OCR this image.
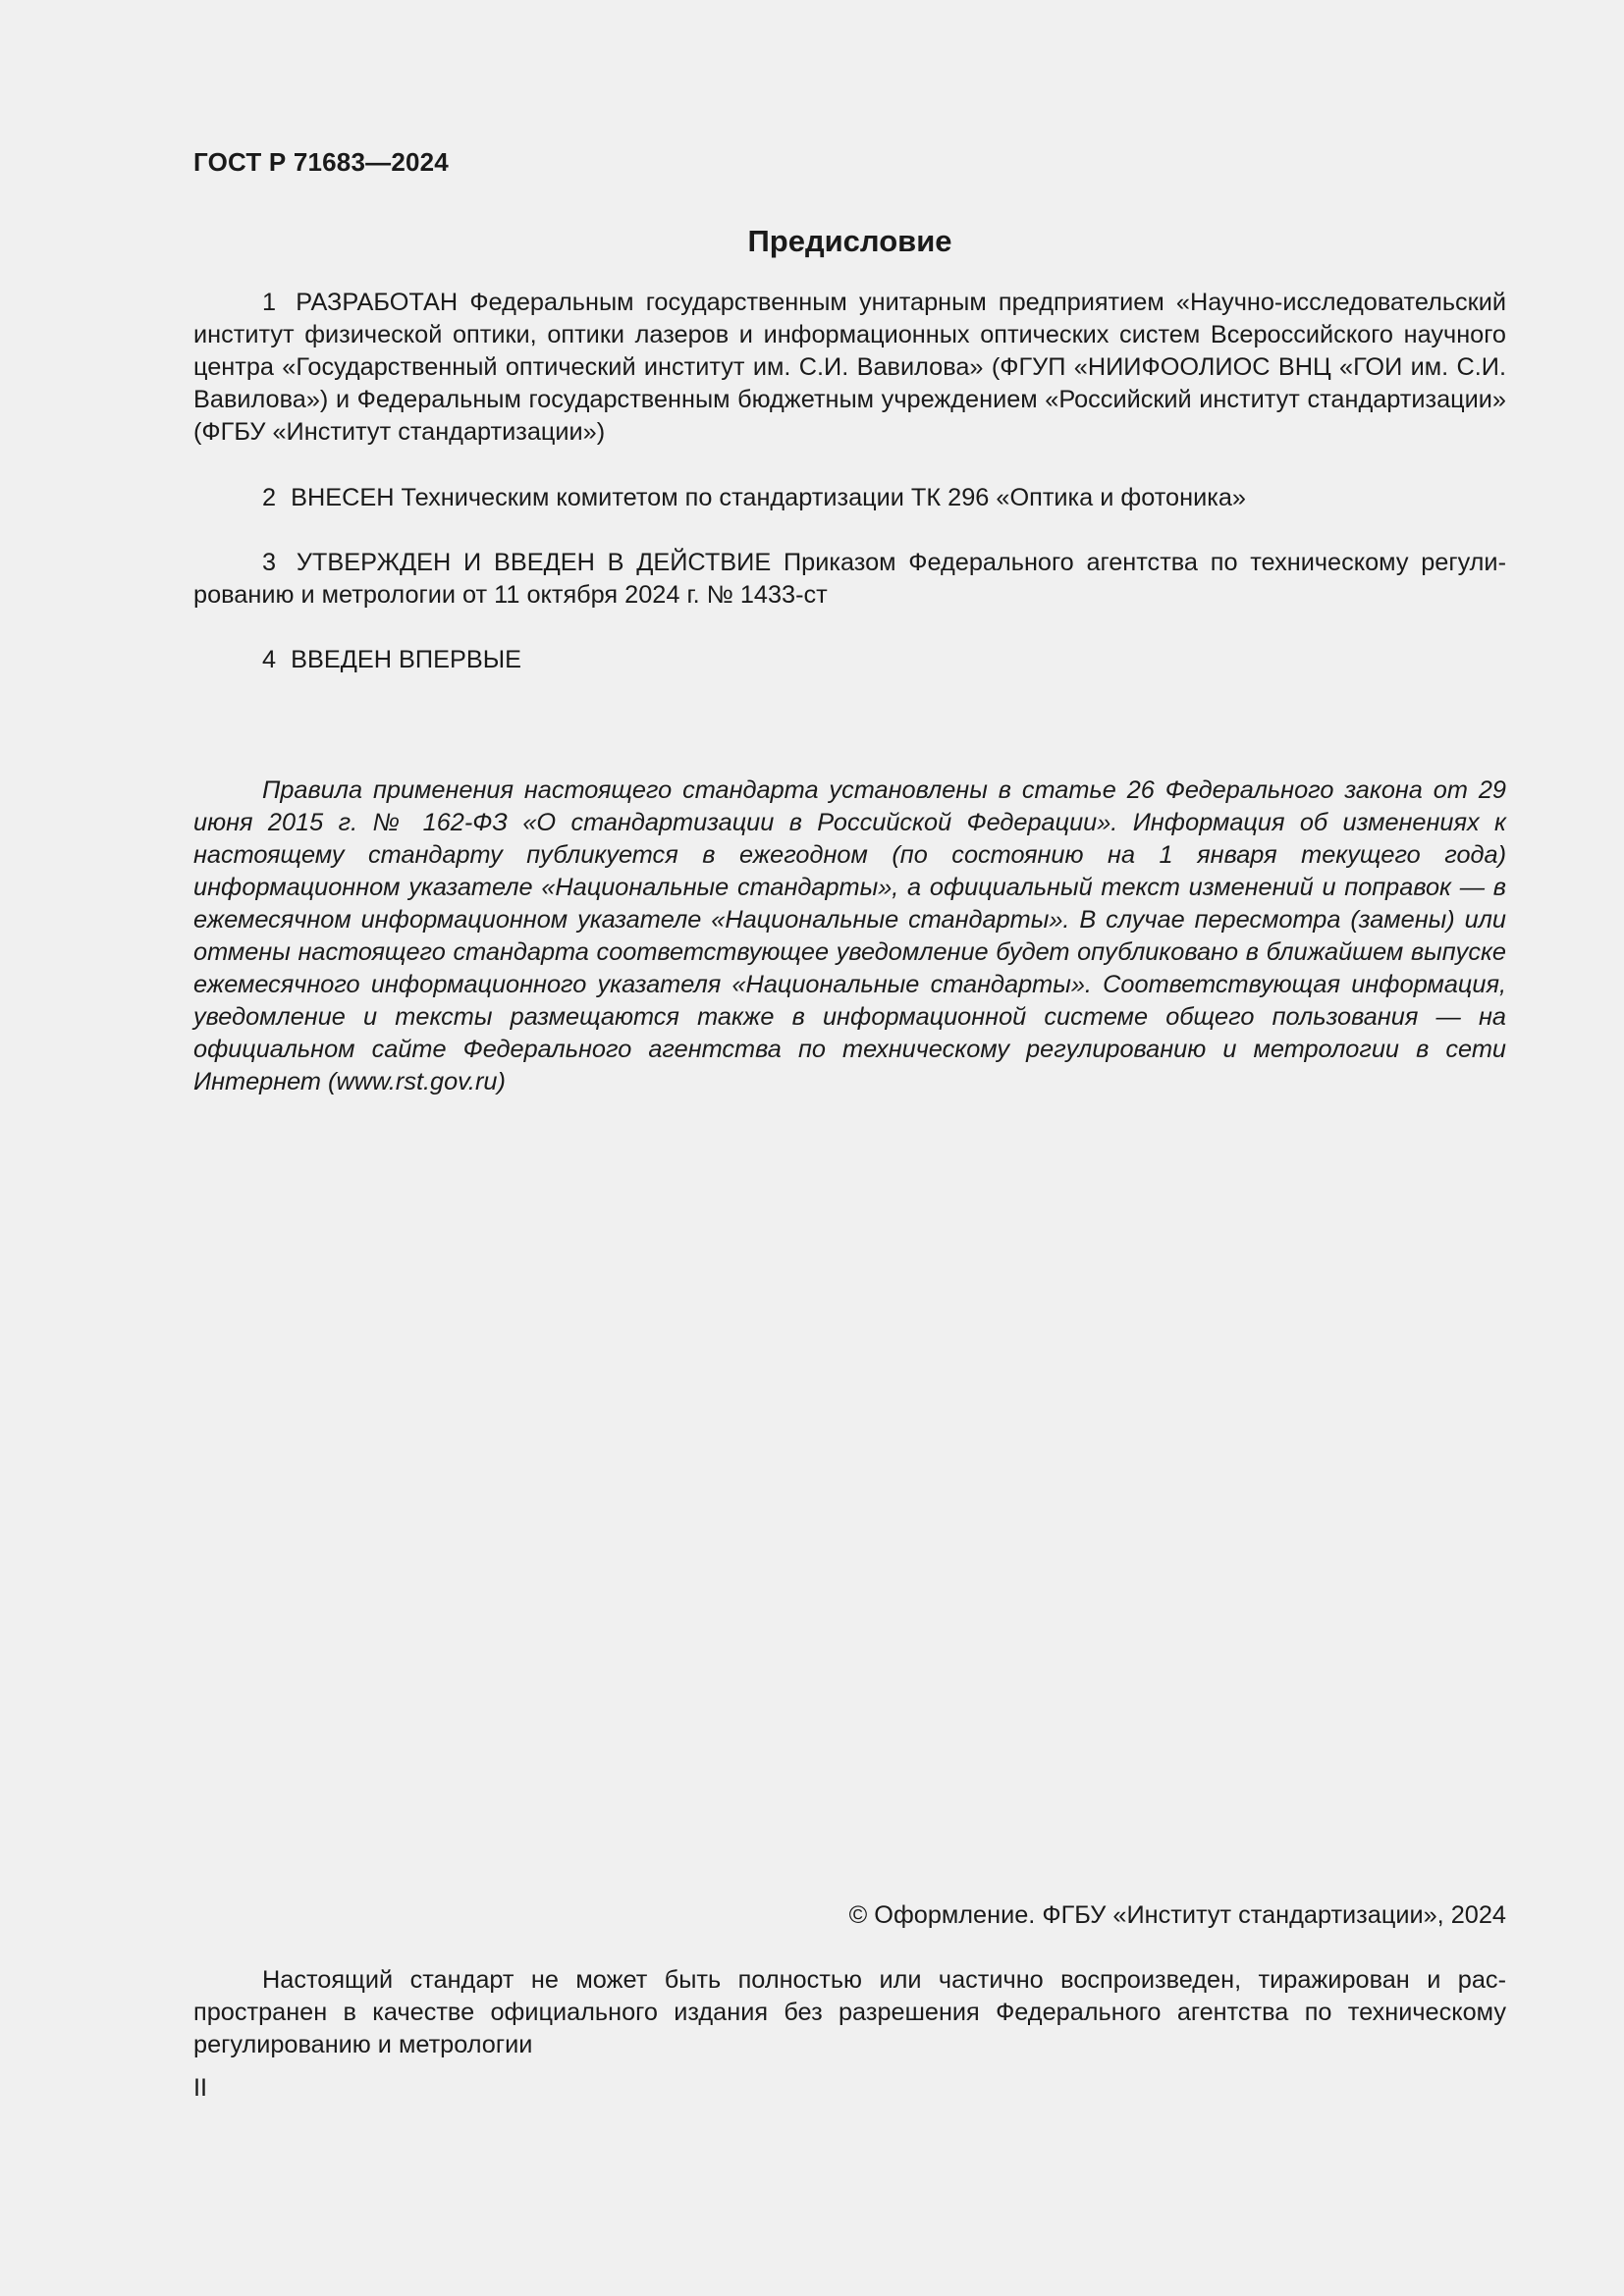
ГОСТ Р 71683—2024
Предисловие

1 РАЗРАБОТАН Федеральным государственным унитарным предприятием «Научно-исследовательский институт физической оптики, оптики лазеров и информационных оптических систем Всероссийского научного центра «Государственный оптический институт им. С.И. Вавилова» (ФГУП «НИИФООЛИОС ВНЦ «ГОИ им. С.И. Вавилова») и Федеральным государственным бюджетным учреждением «Российский институт стандартизации» (ФГБУ «Институт стандартизации»)

2 ВНЕСЕН Техническим комитетом по стандартизации ТК 296 «Оптика и фотоника»

3 УТВЕРЖДЕН И ВВЕДЕН В ДЕЙСТВИЕ Приказом Федерального агентства по техническому регулированию и метрологии от 11 октября 2024 г. № 1433-ст

4 ВВЕДЕН ВПЕРВЫЕ

Правила применения настоящего стандарта установлены в статье 26 Федерального закона от 29 июня 2015 г. № 162-ФЗ «О стандартизации в Российской Федерации». Информация об изменениях к настоящему стандарту публикуется в ежегодном (по состоянию на 1 января текущего года) информационном указателе «Национальные стандарты», а официальный текст изменений и поправок — в ежемесячном информационном указателе «Национальные стандарты». В случае пересмотра (замены) или отмены настоящего стандарта соответствующее уведомление будет опубликовано в ближайшем выпуске ежемесячного информационного указателя «Национальные стандарты». Соответствующая информация, уведомление и тексты размещаются также в информационной системе общего пользования — на официальном сайте Федерального агентства по техническому регулированию и метрологии в сети Интернет (www.rst.gov.ru)

© Оформление. ФГБУ «Институт стандартизации», 2024

Настоящий стандарт не может быть полностью или частично воспроизведен, тиражирован и распространен в качестве официального издания без разрешения Федерального агентства по техническому регулированию и метрологии

II
